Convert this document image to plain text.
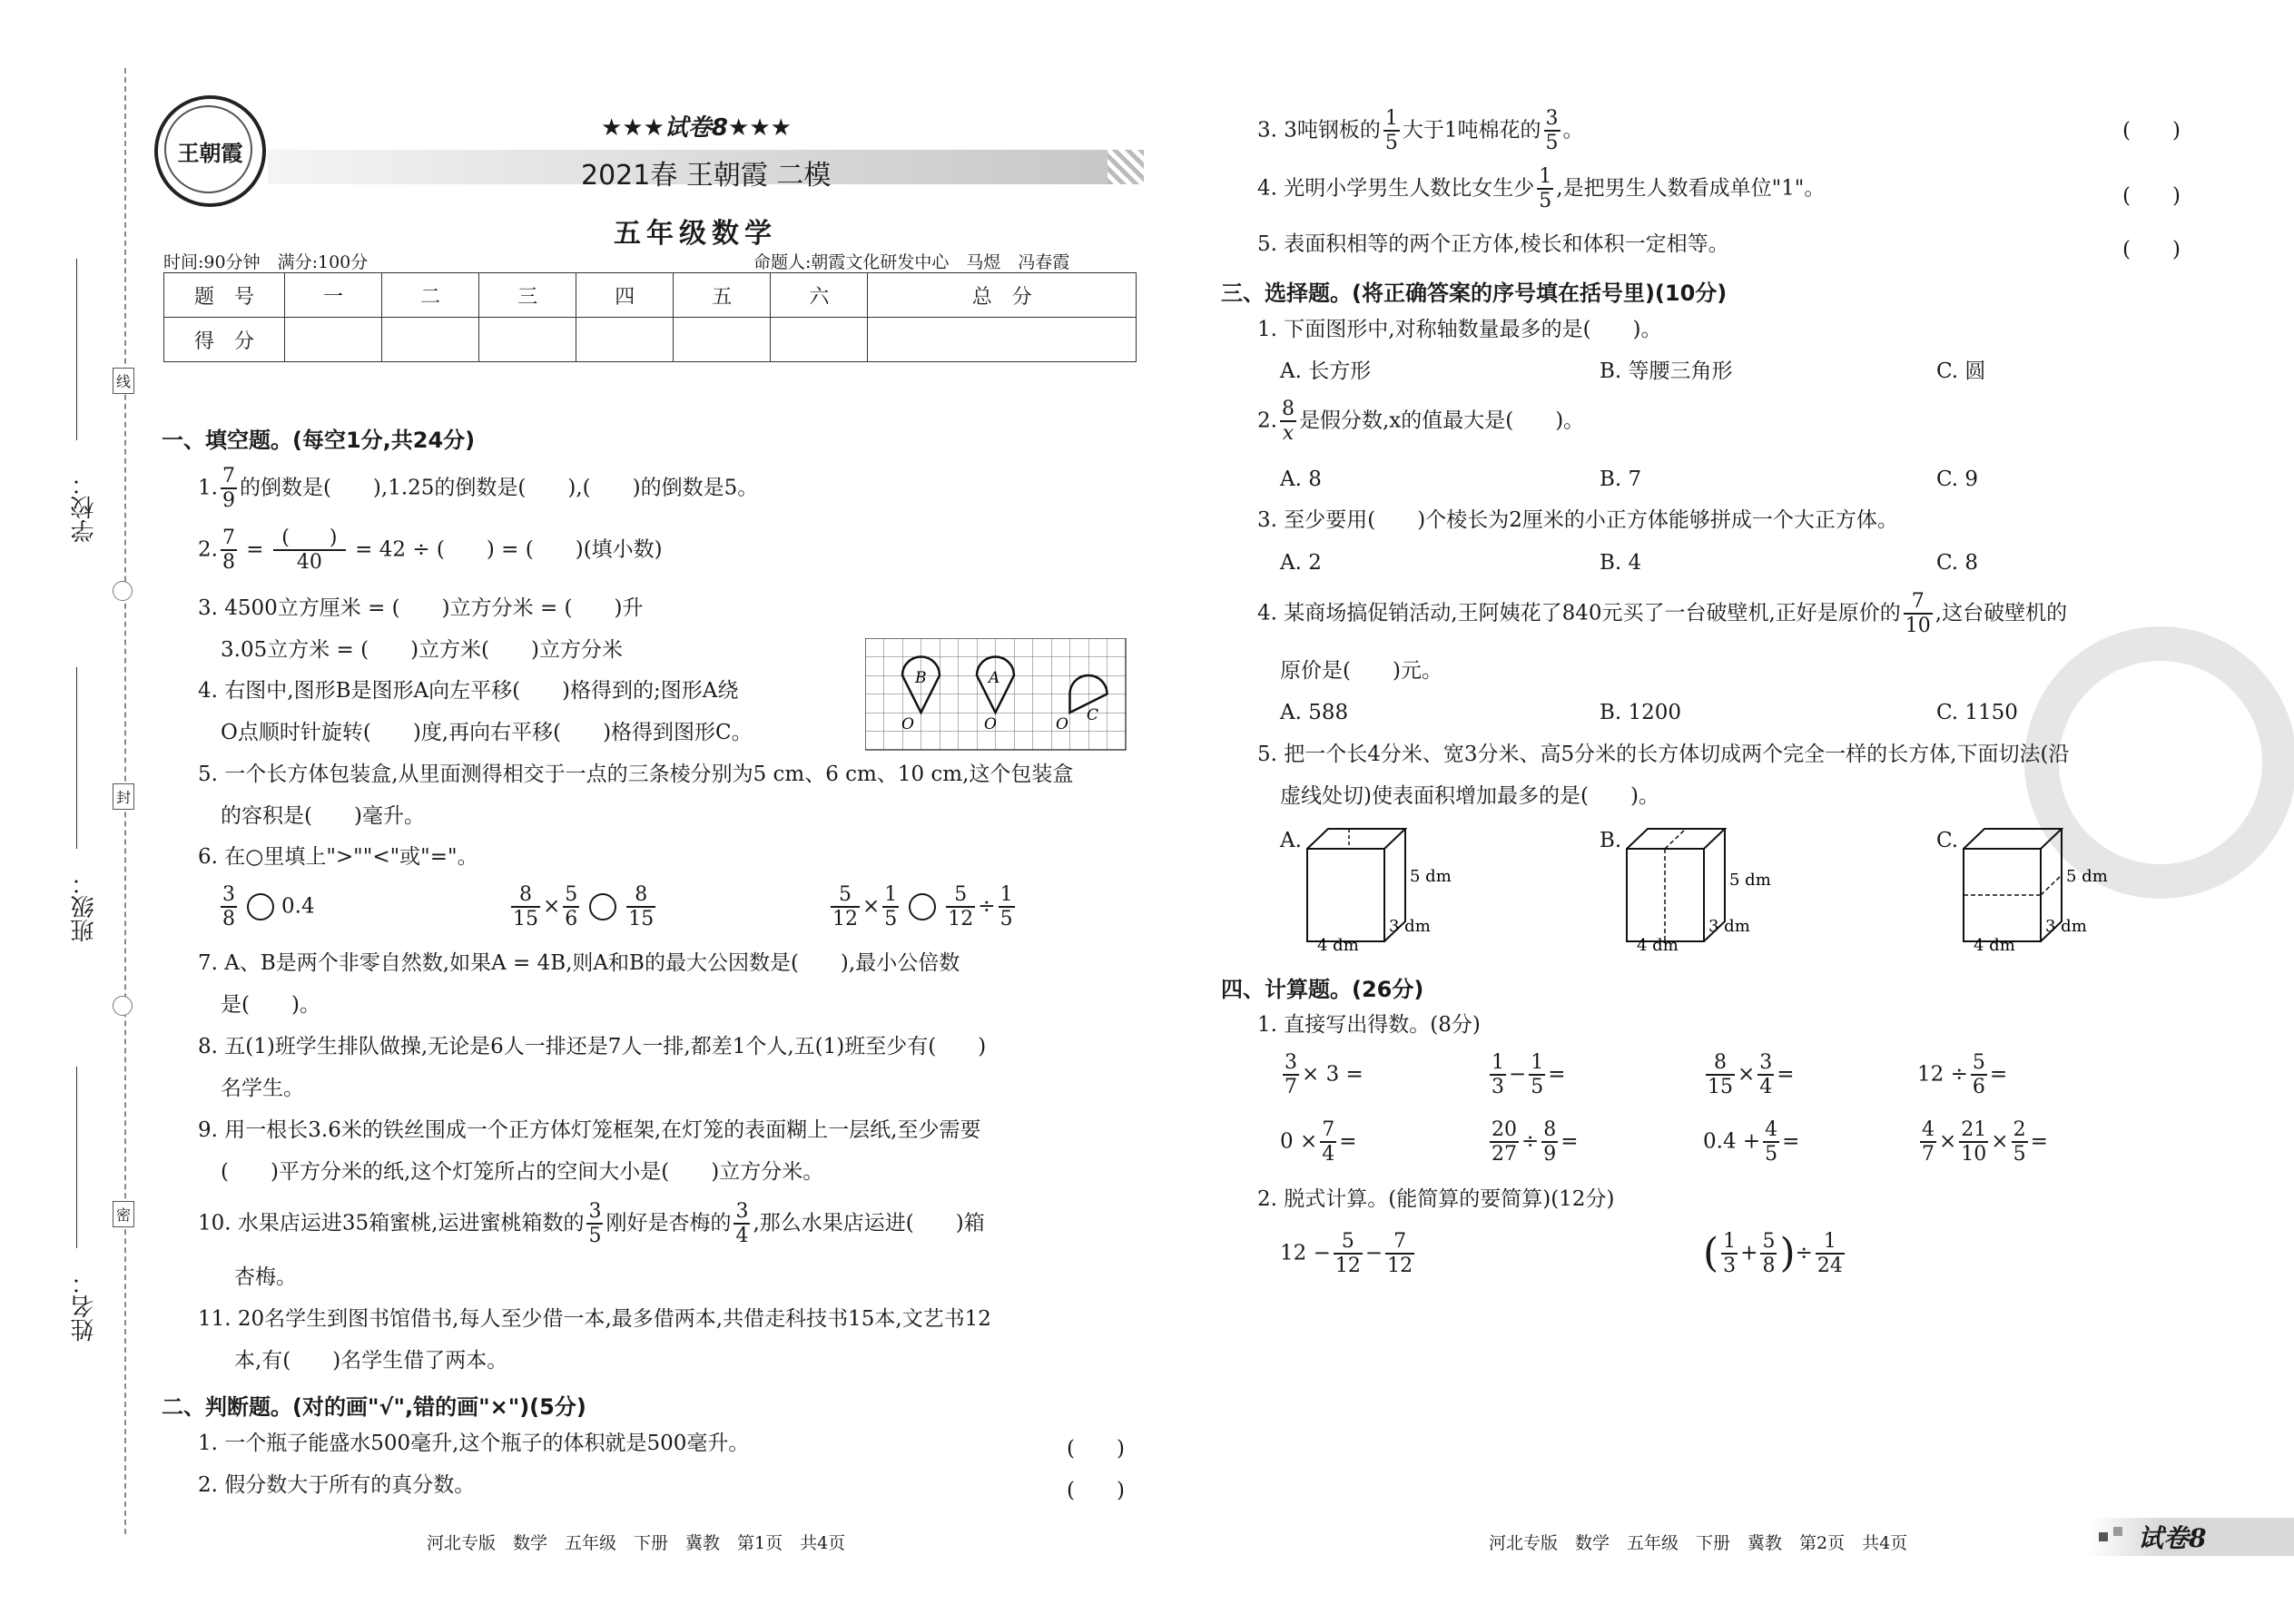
学校：
班级：
姓名：
线
封
密
王朝霞
★★★试卷8★★★
2021春 王朝霞 二模
五年级数学
时间:90分钟　满分:100分	命题人:朝霞文化研发中心　马煜　冯春霞
题　号	一	二	三	四	五	六	总　分
得　分							
一、填空题。(每空1分,共24分)
1. $\frac{7}{9}$ 的倒数是(　　),1.25的倒数是(　　),(　　)的倒数是5。
2. $\frac{7}{8} = \frac{( )}{40} = 42$ ÷ (　　) = (　　)(填小数)
3. 4500立方厘米 = (　　)立方分米 = (　　)升
3.05立方米 = (　　)立方米(　　)立方分米
4. 右图中,图形B是图形A向左平移(　　)格得到的;图形A绕
O点顺时针旋转(　　)度,再向右平移(　　)格得到图形C。
B	A
C
O	O	O
5. 一个长方体包装盒,从里面测得相交于一点的三条棱分别为5 cm、6 cm、10 cm,这个包装盒
的容积是(　　)毫升。
6. 在○里填上">""<"或"="。
$\frac{3}{8} 0.4$	$\frac{8}{15} \times \frac{5}{6} \frac{8}{15}$	$\frac{5}{12} \times \frac{1}{5} \frac{5}{12} \div \frac{1}{5}$
7. A、B是两个非零自然数,如果A = 4B,则A和B的最大公因数是(　　),最小公倍数
是(　　)。
8. 五(1)班学生排队做操,无论是6人一排还是7人一排,都差1个人,五(1)班至少有(　　)
名学生。
9. 用一根长3.6米的铁丝围成一个正方体灯笼框架,在灯笼的表面糊上一层纸,至少需要
(　　)平方分米的纸,这个灯笼所占的空间大小是(　　)立方分米。
10. 水果店运进35箱蜜桃,运进蜜桃箱数的 $\frac{3}{5}$ 刚好是杏梅的 $\frac{3}{4}$ ,那么水果店运进(　　)箱
杏梅。
11. 20名学生到图书馆借书,每人至少借一本,最多借两本,共借走科技书15本,文艺书12
本,有(　　)名学生借了两本。
二、判断题。(对的画"√",错的画"×")(5分)
1. 一个瓶子能盛水500毫升,这个瓶子的体积就是500毫升。	(　　)
2. 假分数大于所有的真分数。	(　　)
河北专版　数学　五年级　下册　冀教　第1页　共4页
3. 3吨钢板的 $\frac{1}{5}$ 大于1吨棉花的 $\frac{3}{5}$ 。	(　　)
4. 光明小学男生人数比女生少 $\frac{1}{5}$ ,是把男生人数看成单位"1"。	(　　)
5. 表面积相等的两个正方体,棱长和体积一定相等。	(　　)
三、选择题。(将正确答案的序号填在括号里)(10分)
1. 下面图形中,对称轴数量最多的是(　　)。
A. 长方形	B. 等腰三角形	C. 圆
2. $\frac{8}{x}$ 是假分数,x的值最大是(　　)。
A. 8	B. 7	C. 9
3. 至少要用(　　)个棱长为2厘米的小正方体能够拼成一个大正方体。
A. 2	B. 4	C. 8
4. 某商场搞促销活动,王阿姨花了840元买了一台破壁机,正好是原价的 $\frac{7}{10}$ ,这台破壁机的
原价是(　　)元。
A. 588	B. 1200	C. 1150
5. 把一个长4分米、宽3分米、高5分米的长方体切成两个完全一样的长方体,下面切法(沿
虚线处切)使表面积增加最多的是(　　)。
A.
5 dm
3 dm
4 dm
B.
5 dm
3 dm
4 dm
C.
5 dm
3 dm
4 dm
四、计算题。(26分)
1. 直接写出得数。(8分)
$\frac{3}{7} \times 3$ =	$\frac{1}{3} - \frac{1}{5}$ =	$\frac{8}{15} \times \frac{3}{4}$ =	$12 \div \frac{5}{6}$ =
$0 \times \frac{7}{4}$ =	$\frac{20}{27} \div \frac{8}{9}$ =	$0.4 + \frac{4}{5}$ =	$\frac{4}{7} \times \frac{21}{10} \times \frac{2}{5}$ =
2. 脱式计算。(能简算的要简算)(12分)
$12 - \frac{5}{12} - \frac{7}{12}$	( $\frac{1}{3} + \frac{5}{8}$ )÷ $\frac{1}{24}$
河北专版　数学　五年级　下册　冀教　第2页　共4页	试卷8
